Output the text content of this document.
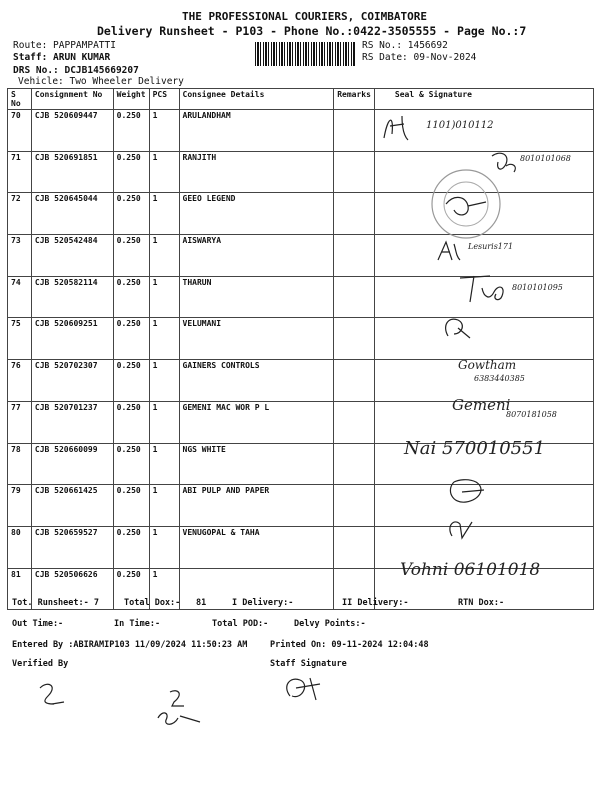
THE PROFESSIONAL COURIERS, COIMBATORE
Delivery Runsheet - P103 - Phone No.:0422-3505555 - Page No.:7
Route: PAPPAMPATTI
Staff: ARUN KUMAR
DRS No.: DCJB145669207
Vehicle: Two Wheeler Delivery
RS No.: 1456692
RS Date: 09-Nov-2024
S No	Consignment No	Weight	PCS	Consignee Details	Remarks	Seal & Signature
70	CJB 520609447	0.250	1	ARULANDHAM		
71	CJB 520691851	0.250	1	RANJITH		
72	CJB 520645044	0.250	1	GEEO LEGEND		
73	CJB 520542484	0.250	1	AISWARYA		
74	CJB 520582114	0.250	1	THARUN		
75	CJB 520609251	0.250	1	VELUMANI		
76	CJB 520702307	0.250	1	GAINERS CONTROLS		
77	CJB 520701237	0.250	1	GEMENI MAC WOR P L		
78	CJB 520660099	0.250	1	NGS WHITE		
79	CJB 520661425	0.250	1	ABI PULP AND PAPER		
80	CJB 520659527	0.250	1	VENUGOPAL & TAHA		
81	CJB 520506626	0.250	1			
1101)010112
8010101068
Lesuris171
8010101095
Gowtham
6383440385
Gemeni
8070181058
Nai 570010551
Vohni 06101018
Tot. Runsheet:- 7	Total Dox:- 81	I Delivery:-	II Delivery:-	RTN Dox:-
Out Time:-	In Time:-	Total POD:-	Delvy Points:-
Entered By :ABIRAMIP103 11/09/2024 11:50:23 AM	Printed On: 09-11-2024 12:04:48
Verified By	Staff Signature
